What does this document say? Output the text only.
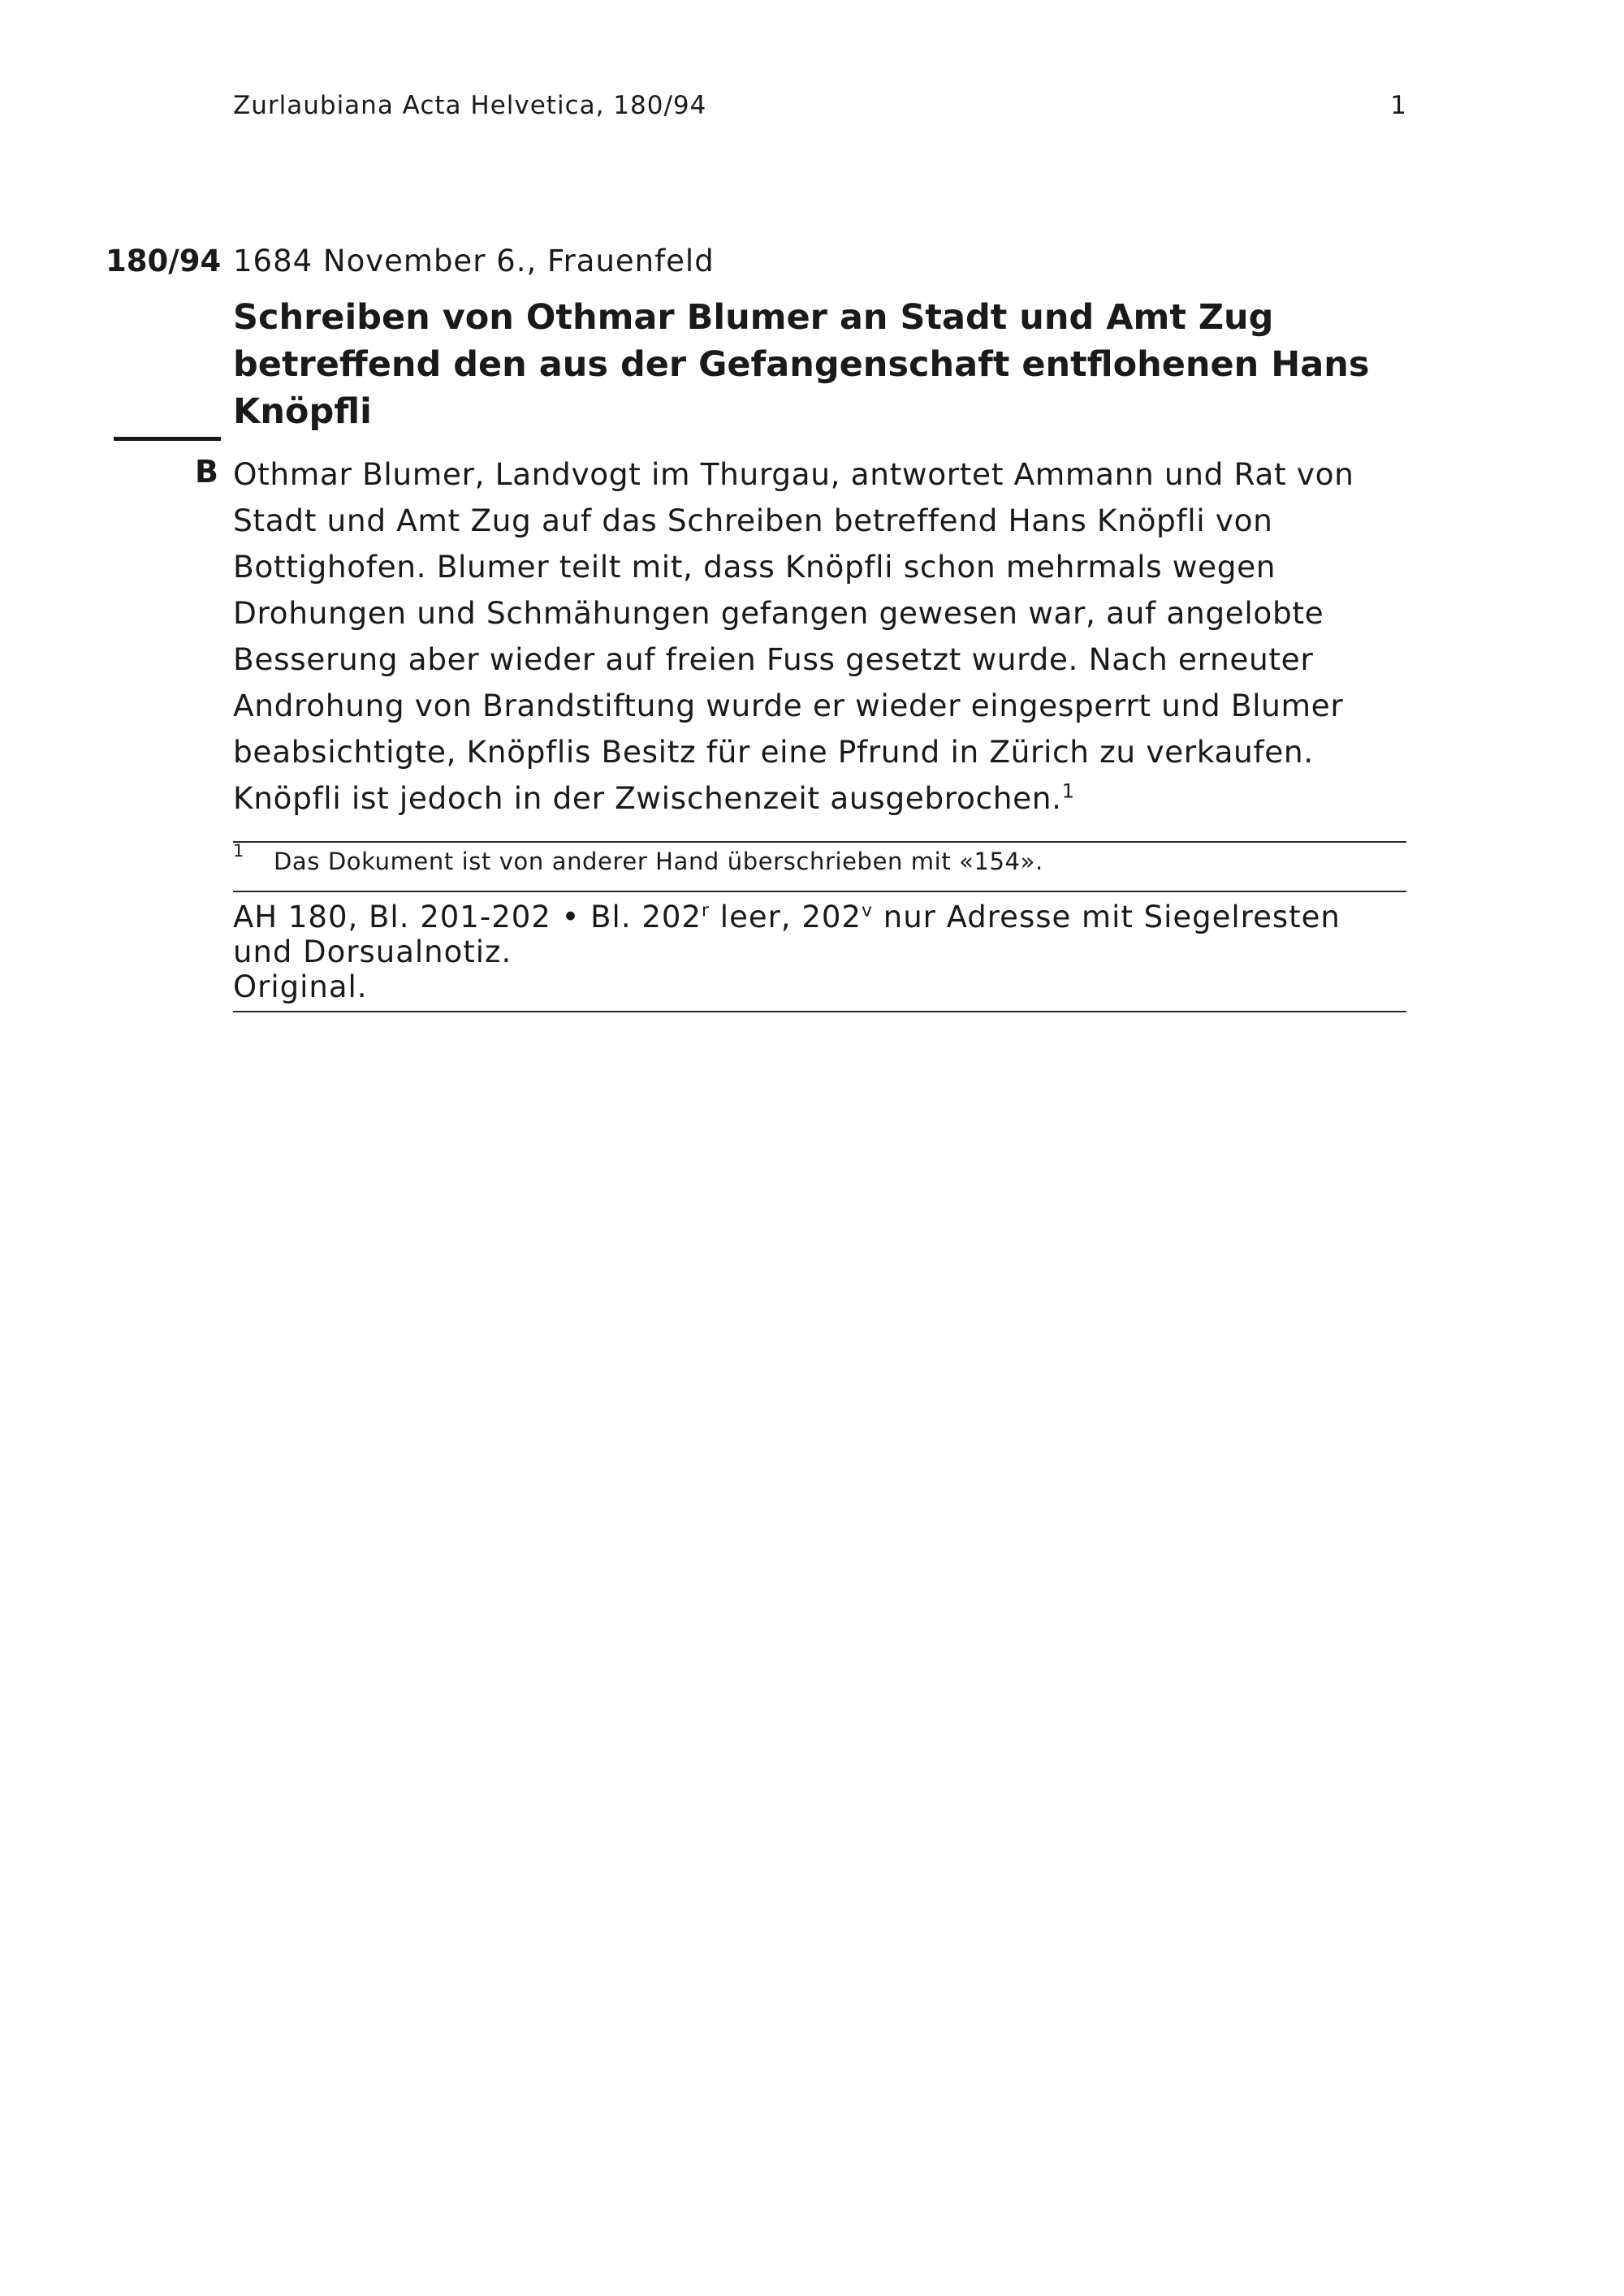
Zurlaubiana Acta Helvetica, 180/94	1
180/94 1684 November 6., Frauenfeld
Schreiben von Othmar Blumer an Stadt und Amt Zug betreffend den aus der Gefangenschaft entflohenen Hans Knöpfli
B Othmar Blumer, Landvogt im Thurgau, antwortet Ammann und Rat von Stadt und Amt Zug auf das Schreiben betreffend Hans Knöpfli von Bottighofen. Blumer teilt mit, dass Knöpfli schon mehrmals wegen Drohungen und Schmähungen gefangen gewesen war, auf angelobte Besserung aber wieder auf freien Fuss gesetzt wurde. Nach erneuter Androhung von Brandstiftung wurde er wieder eingesperrt und Blumer beabsichtigte, Knöpflis Besitz für eine Pfrund in Zürich zu verkaufen. Knöpfli ist jedoch in der Zwischenzeit ausgebrochen.$^1$

1 Das Dokument ist von anderer Hand überschrieben mit «154».
AH 180, Bl. 201-202 • Bl. 202$^r$ leer, 202$^v$ nur Adresse mit Siegelresten und Dorsualnotiz.
Original.
